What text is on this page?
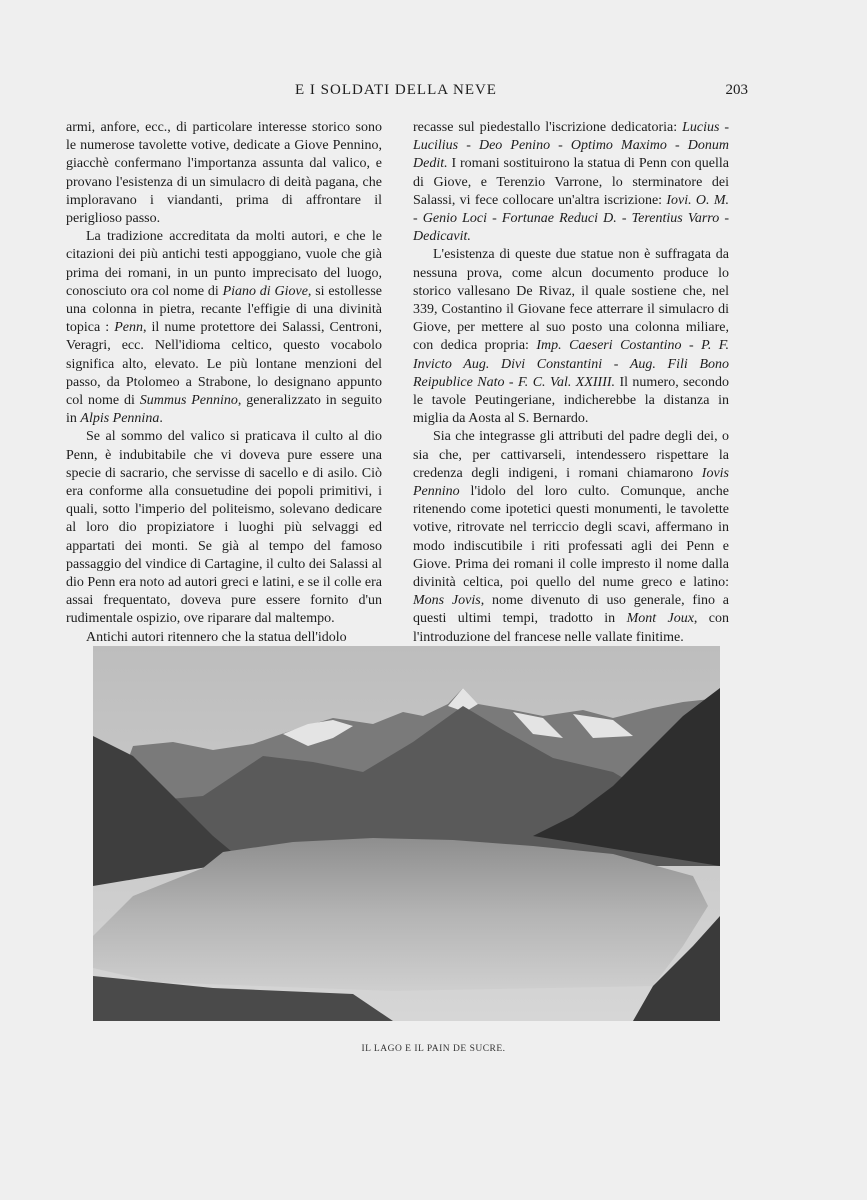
E I SOLDATI DELLA NEVE	203

armi, anfore, ecc., di particolare interesse storico sono le numerose tavolette votive, dedicate a Giove Pennino, giacchè confermano l'importanza assunta dal valico, e provano l'esistenza di un simulacro di deità pagana, che imploravano i viandanti, prima di affrontare il periglioso passo.

La tradizione accreditata da molti autori, e che le citazioni dei più antichi testi appoggiano, vuole che già prima dei romani, in un punto imprecisato del luogo, conosciuto ora col nome di Piano di Giove, si estollesse una colonna in pietra, recante l'effigie di una divinità topica : Penn, il nume protettore dei Salassi, Centroni, Veragri, ecc. Nell'idioma celtico, questo vocabolo significa alto, elevato. Le più lontane menzioni del passo, da Ptolomeo a Strabone, lo designano appunto col nome di Summus Pennino, generalizzato in seguito in Alpis Pennina.

Se al sommo del valico si praticava il culto al dio Penn, è indubitabile che vi doveva pure essere una specie di sacrario, che servisse di sacello e di asilo. Ciò era conforme alla consuetudine dei popoli primitivi, i quali, sotto l'imperio del politeismo, solevano dedicare al loro dio propiziatore i luoghi più selvaggi ed appartati dei monti. Se già al tempo del famoso passaggio del vindice di Cartagine, il culto dei Salassi al dio Penn era noto ad autori greci e latini, e se il colle era assai frequentato, doveva pure essere fornito d'un rudimentale ospizio, ove riparare dal maltempo.

Antichi autori ritennero che la statua dell'idolo

recasse sul piedestallo l'iscrizione dedicatoria: Lucius - Lucilius - Deo Penino - Optimo Maximo - Donum Dedit. I romani sostituirono la statua di Penn con quella di Giove, e Terenzio Varrone, lo sterminatore dei Salassi, vi fece collocare un'altra iscrizione: Iovi. O. M. - Genio Loci - Fortunae Reduci D. - Terentius Varro - Dedicavit.

L'esistenza di queste due statue non è suffragata da nessuna prova, come alcun documento produce lo storico vallesano De Rivaz, il quale sostiene che, nel 339, Costantino il Giovane fece atterrare il simulacro di Giove, per mettere al suo posto una colonna miliare, con dedica propria: Imp. Caeseri Costantino - P. F. Invicto Aug. Divi Constantini - Aug. Fili Bono Reipublice Nato - F. C. Val. XXIIII. Il numero, secondo le tavole Peutingeriane, indicherebbe la distanza in miglia da Aosta al S. Bernardo.

Sia che integrasse gli attributi del padre degli dei, o sia che, per cattivarseli, intendessero rispettare la credenza degli indigeni, i romani chiamarono Iovis Pennino l'idolo del loro culto. Comunque, anche ritenendo come ipotetici questi monumenti, le tavolette votive, ritrovate nel terriccio degli scavi, affermano in modo indiscutibile i riti professati agli dei Penn e Giove. Prima dei romani il colle impresto il nome dalla divinità celtica, poi quello del nume greco e latino: Mons Jovis, nome divenuto di uso generale, fino a questi ultimi tempi, tradotto in Mont Joux, con l'introduzione del francese nelle vallate finitime.

IL LAGO E IL PAIN DE SUCRE.
